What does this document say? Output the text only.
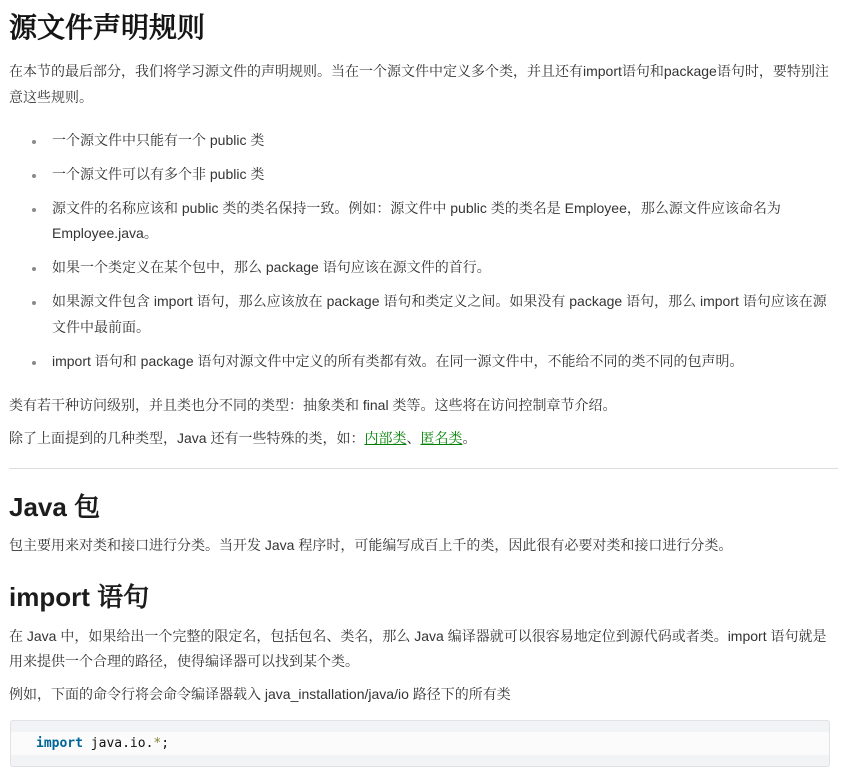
源文件声明规则

在本节的最后部分，我们将学习源文件的声明规则。当在一个源文件中定义多个类，并且还有import语句和package语句时，要特别注意这些规则。

• 一个源文件中只能有一个 public 类
• 一个源文件可以有多个非 public 类
• 源文件的名称应该和 public 类的类名保持一致。例如：源文件中 public 类的类名是 Employee，那么源文件应该命名为Employee.java。
• 如果一个类定义在某个包中，那么 package 语句应该在源文件的首行。
• 如果源文件包含 import 语句，那么应该放在 package 语句和类定义之间。如果没有 package 语句，那么 import 语句应该在源文件中最前面。
• import 语句和 package 语句对源文件中定义的所有类都有效。在同一源文件中，不能给不同的类不同的包声明。

类有若干种访问级别，并且类也分不同的类型：抽象类和 final 类等。这些将在访问控制章节介绍。

除了上面提到的几种类型，Java 还有一些特殊的类，如：内部类、匿名类。

Java 包

包主要用来对类和接口进行分类。当开发 Java 程序时，可能编写成百上千的类，因此很有必要对类和接口进行分类。

import 语句

在 Java 中，如果给出一个完整的限定名，包括包名、类名，那么 Java 编译器就可以很容易地定位到源代码或者类。import 语句就是用来提供一个合理的路径，使得编译器可以找到某个类。

例如，下面的命令行将会命令编译器载入 java_installation/java/io 路径下的所有类

import java.io.*;
